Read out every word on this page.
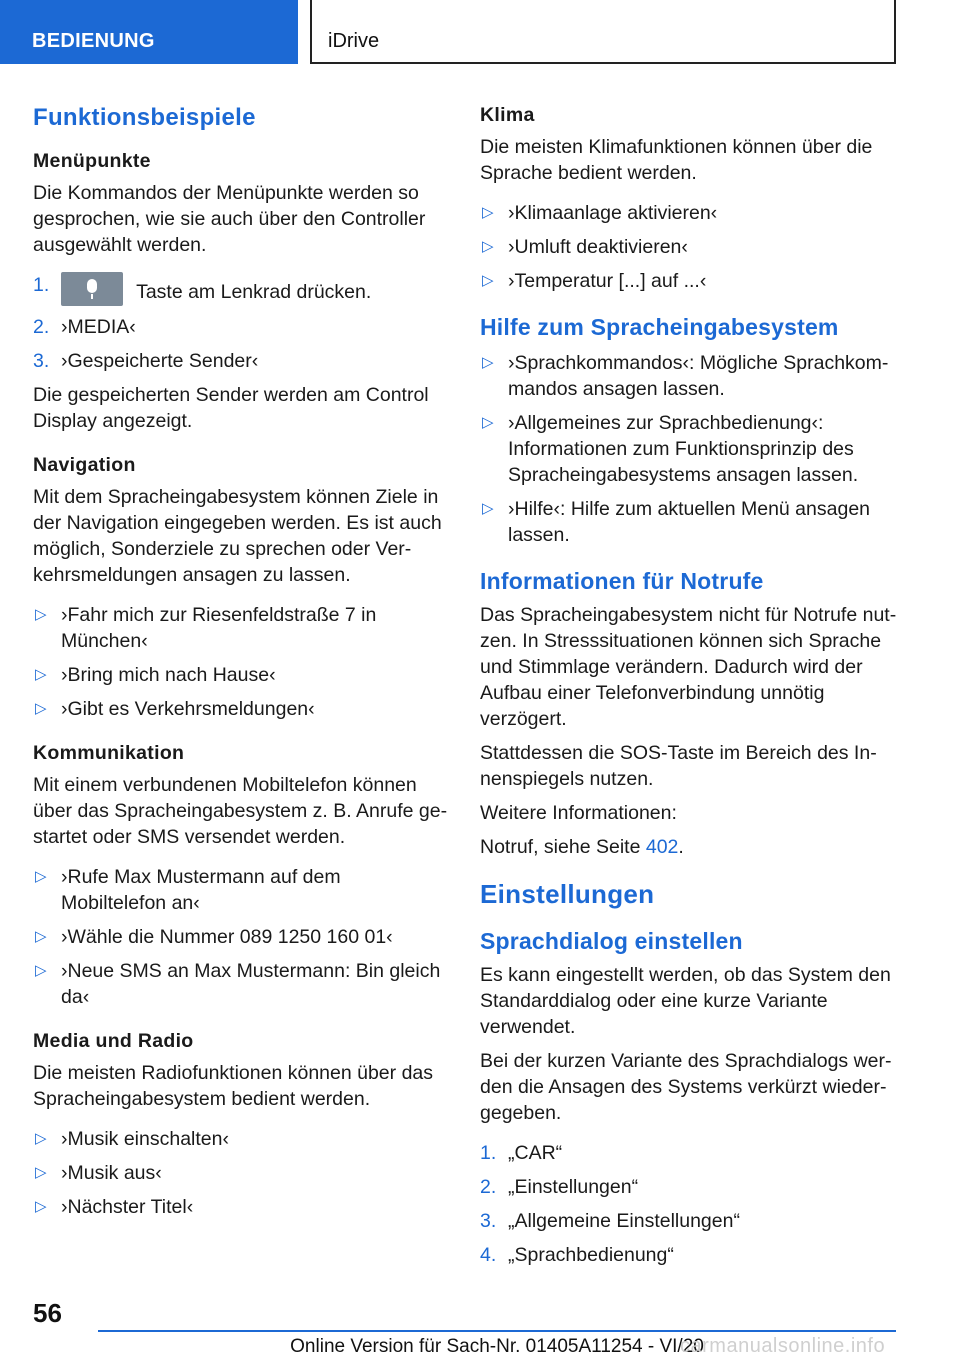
BEDIENUNG	iDrive
Funktionsbeispiele
Menüpunkte

Die Kommandos der Menüpunkte werden so gesprochen, wie sie auch über den Controller ausgewählt werden.

1.	Taste am Lenkrad drücken.
2. ›MEDIA‹
3. ›Gespeicherte Sender‹

Die gespeicherten Sender werden am Control Display angezeigt.

Navigation

Mit dem Spracheingabesystem können Ziele in der Navigation eingegeben werden. Es ist auch möglich, Sonderziele zu sprechen oder Verkehrsmeldungen ansagen zu lassen.

▷ ›Fahr mich zur Riesenfeldstraße 7 in München‹
▷ ›Bring mich nach Hause‹
▷ ›Gibt es Verkehrsmeldungen‹
Kommunikation

Mit einem verbundenen Mobiltelefon können über das Spracheingabesystem z. B. Anrufe gestartet oder SMS versendet werden.

▷ ›Rufe Max Mustermann auf dem Mobiltelefon an‹
▷ ›Wähle die Nummer 089 1250 160 01‹
▷ ›Neue SMS an Max Mustermann: Bin gleich da‹
Media und Radio

Die meisten Radiofunktionen können über das Spracheingabesystem bedient werden.

▷ ›Musik einschalten‹
▷ ›Musik aus‹
▷ ›Nächster Titel‹
Klima

Die meisten Klimafunktionen können über die Sprache bedient werden.

▷ ›Klimaanlage aktivieren‹
▷ ›Umluft deaktivieren‹
▷ ›Temperatur [...] auf ...‹
Hilfe zum Spracheingabesystem
▷ ›Sprachkommandos‹: Mögliche Sprachkommandos ansagen lassen.
▷ ›Allgemeines zur Sprachbedienung‹: Informationen zum Funktionsprinzip des Spracheingabesystems ansagen lassen.
▷ ›Hilfe‹: Hilfe zum aktuellen Menü ansagen lassen.
Informationen für Notrufe

Das Spracheingabesystem nicht für Notrufe nutzen. In Stresssituationen können sich Sprache und Stimmlage verändern. Dadurch wird der Aufbau einer Telefonverbindung unnötig verzögert.

Stattdessen die SOS-Taste im Bereich des Innenspiegels nutzen.

Weitere Informationen:

Notruf, siehe Seite 402.

Einstellungen
Sprachdialog einstellen

Es kann eingestellt werden, ob das System den Standarddialog oder eine kurze Variante verwendet.

Bei der kurzen Variante des Sprachdialogs werden die Ansagen des Systems verkürzt wiedergegeben.

1. „CAR“
2. „Einstellungen“
3. „Allgemeine Einstellungen“
4. „Sprachbedienung“
56
Online Version für Sach-Nr. 01405A11254 - VI/20
carmanualsonline.info
